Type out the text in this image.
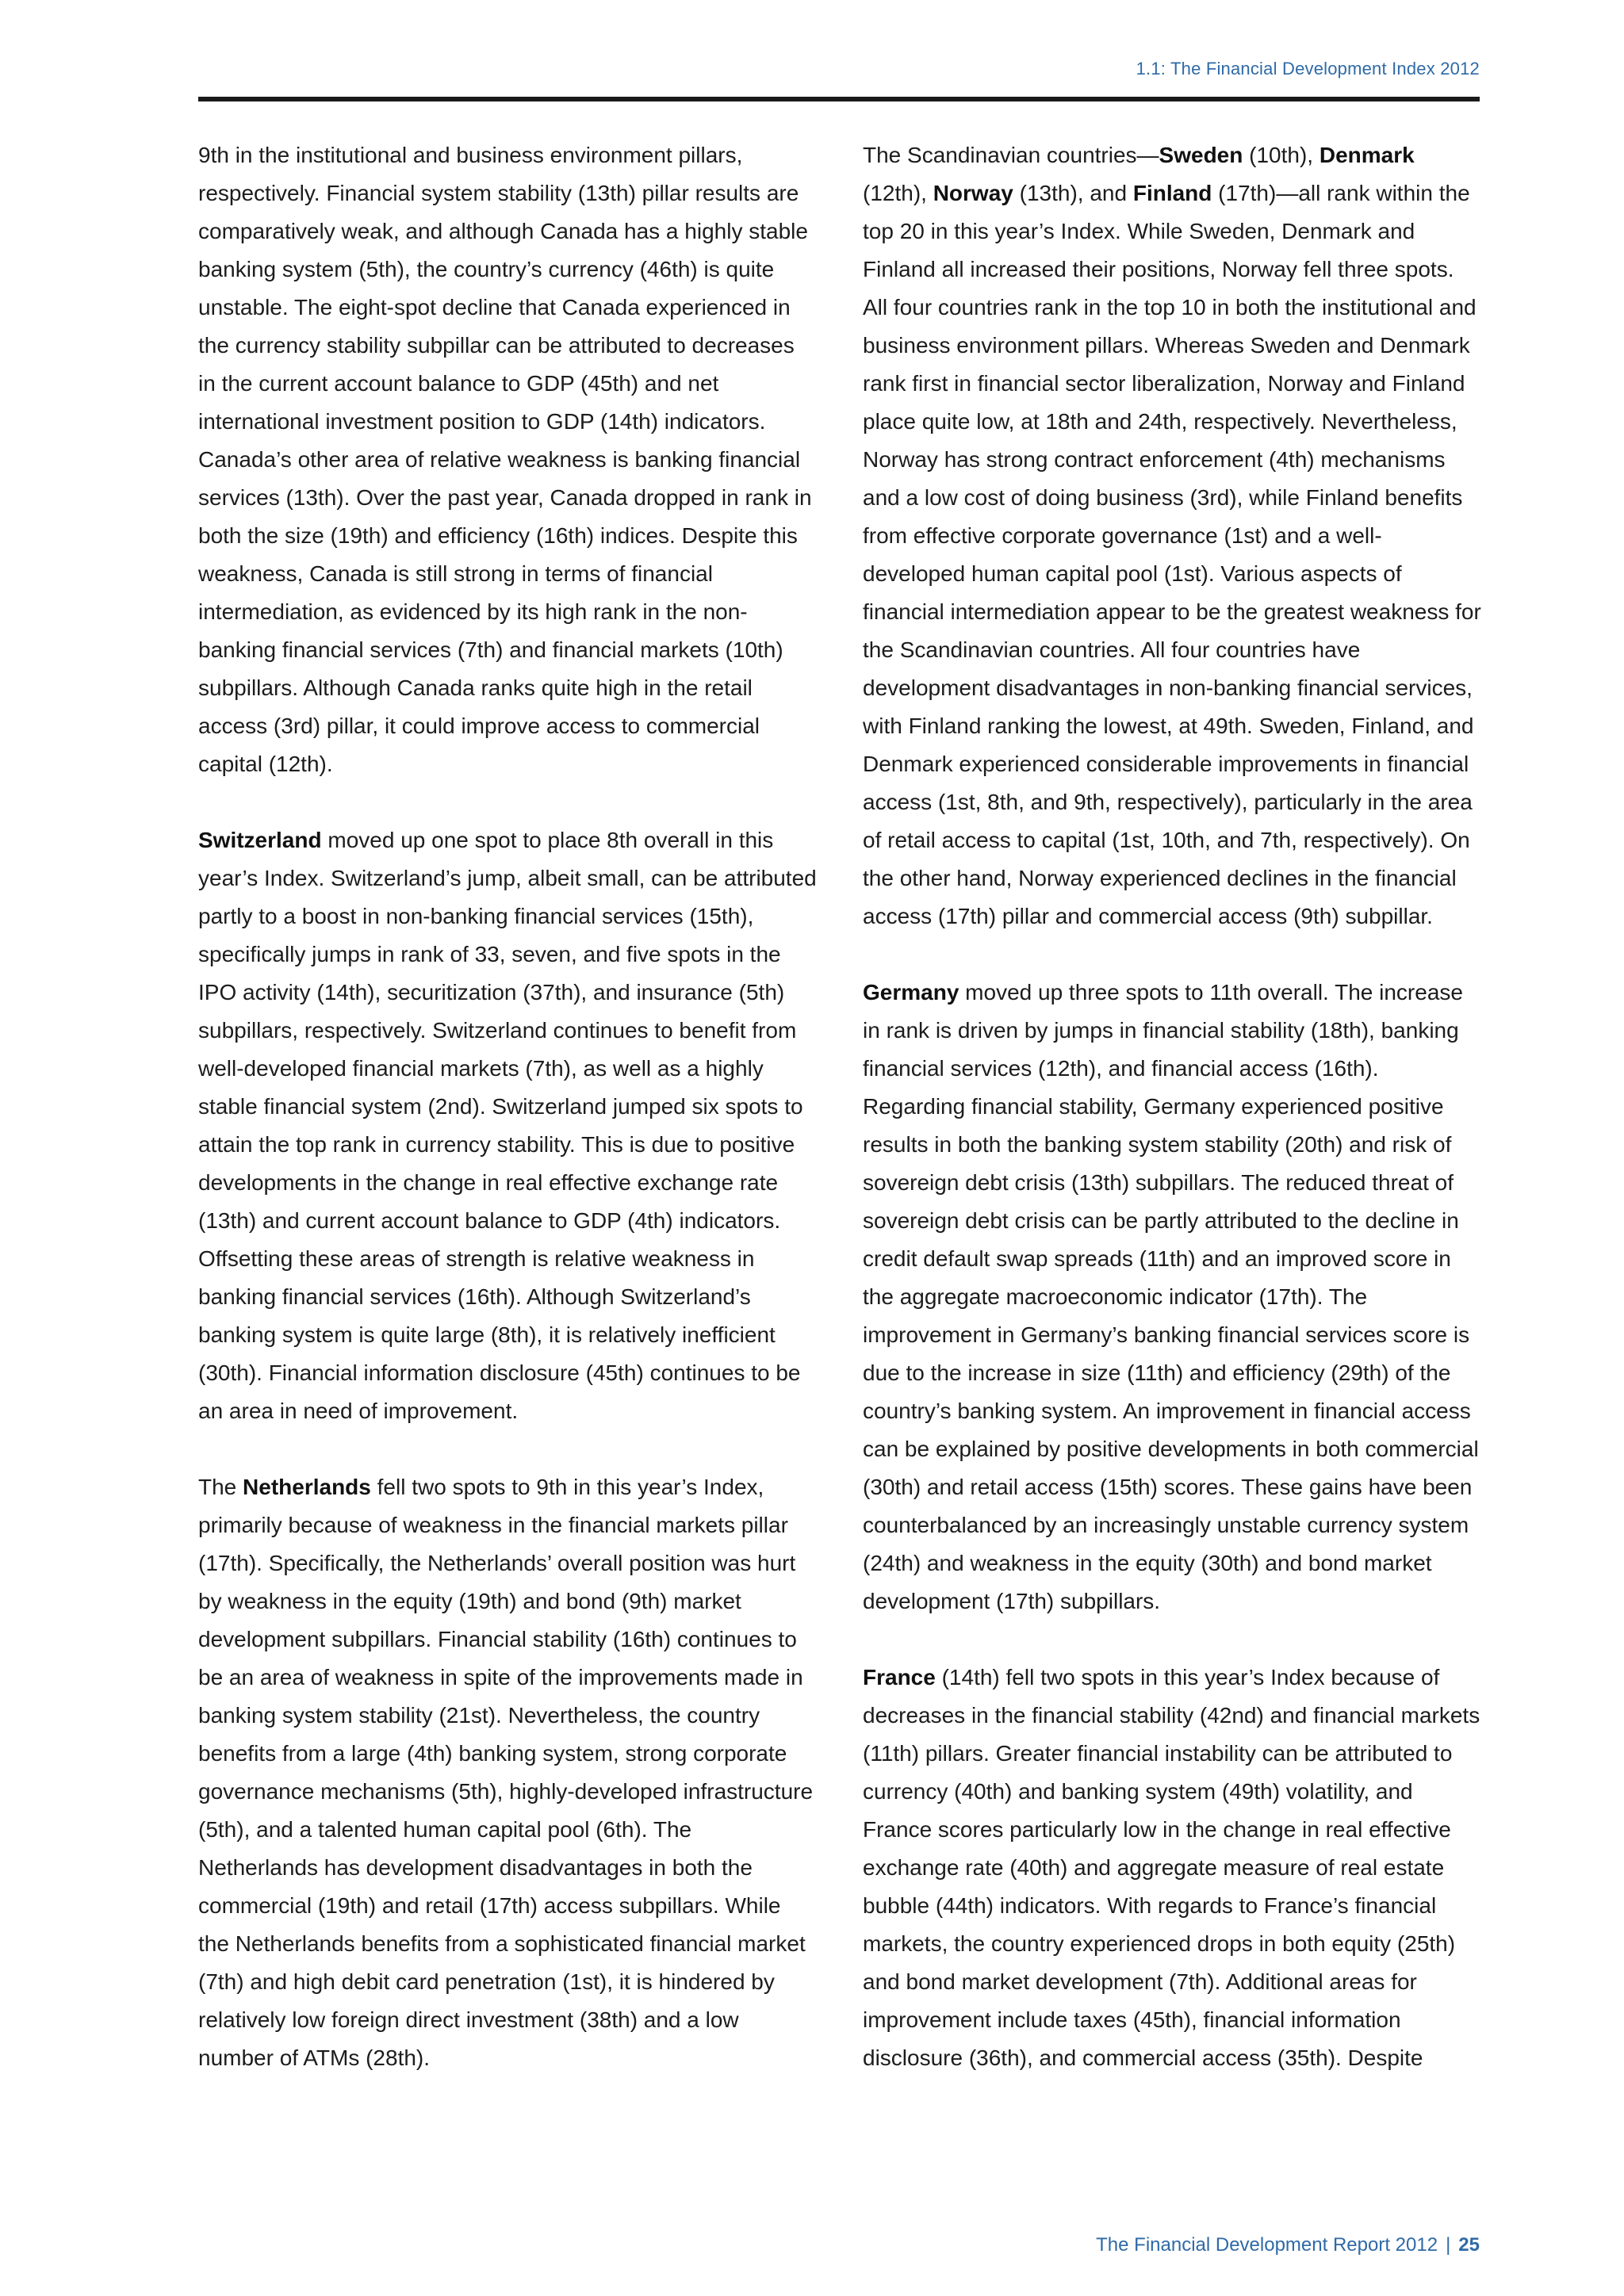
1.1: The Financial Development Index 2012

9th in the institutional and business environment pillars, respectively. Financial system stability (13th) pillar results are comparatively weak, and although Canada has a highly stable banking system (5th), the country’s currency (46th) is quite unstable. The eight-spot decline that Canada experienced in the currency stability subpillar can be attributed to decreases in the current account balance to GDP (45th) and net international investment position to GDP (14th) indicators. Canada’s other area of relative weakness is banking financial services (13th). Over the past year, Canada dropped in rank in both the size (19th) and efficiency (16th) indices. Despite this weakness, Canada is still strong in terms of financial intermediation, as evidenced by its high rank in the non-banking financial services (7th) and financial markets (10th) subpillars. Although Canada ranks quite high in the retail access (3rd) pillar, it could improve access to commercial capital (12th).

Switzerland moved up one spot to place 8th overall in this year’s Index. Switzerland’s jump, albeit small, can be attributed partly to a boost in non-banking financial services (15th), specifically jumps in rank of 33, seven, and five spots in the IPO activity (14th), securitization (37th), and insurance (5th) subpillars, respectively. Switzerland continues to benefit from well-developed financial markets (7th), as well as a highly stable financial system (2nd). Switzerland jumped six spots to attain the top rank in currency stability. This is due to positive developments in the change in real effective exchange rate (13th) and current account balance to GDP (4th) indicators. Offsetting these areas of strength is relative weakness in banking financial services (16th). Although Switzerland’s banking system is quite large (8th), it is relatively inefficient (30th). Financial information disclosure (45th) continues to be an area in need of improvement.

The Netherlands fell two spots to 9th in this year’s Index, primarily because of weakness in the financial markets pillar (17th). Specifically, the Netherlands’ overall position was hurt by weakness in the equity (19th) and bond (9th) market development subpillars. Financial stability (16th) continues to be an area of weakness in spite of the improvements made in banking system stability (21st). Nevertheless, the country benefits from a large (4th) banking system, strong corporate governance mechanisms (5th), highly-developed infrastructure (5th), and a talented human capital pool (6th). The Netherlands has development disadvantages in both the commercial (19th) and retail (17th) access subpillars. While the Netherlands benefits from a sophisticated financial market (7th) and high debit card penetration (1st), it is hindered by relatively low foreign direct investment (38th) and a low number of ATMs (28th).

The Scandinavian countries—Sweden (10th), Denmark (12th), Norway (13th), and Finland (17th)—all rank within the top 20 in this year’s Index. While Sweden, Denmark and Finland all increased their positions, Norway fell three spots. All four countries rank in the top 10 in both the institutional and business environment pillars. Whereas Sweden and Denmark rank first in financial sector liberalization, Norway and Finland place quite low, at 18th and 24th, respectively. Nevertheless, Norway has strong contract enforcement (4th) mechanisms and a low cost of doing business (3rd), while Finland benefits from effective corporate governance (1st) and a well-developed human capital pool (1st). Various aspects of financial intermediation appear to be the greatest weakness for the Scandinavian countries. All four countries have development disadvantages in non-banking financial services, with Finland ranking the lowest, at 49th. Sweden, Finland, and Denmark experienced considerable improvements in financial access (1st, 8th, and 9th, respectively), particularly in the area of retail access to capital (1st, 10th, and 7th, respectively). On the other hand, Norway experienced declines in the financial access (17th) pillar and commercial access (9th) subpillar.

Germany moved up three spots to 11th overall. The increase in rank is driven by jumps in financial stability (18th), banking financial services (12th), and financial access (16th). Regarding financial stability, Germany experienced positive results in both the banking system stability (20th) and risk of sovereign debt crisis (13th) subpillars. The reduced threat of sovereign debt crisis can be partly attributed to the decline in credit default swap spreads (11th) and an improved score in the aggregate macroeconomic indicator (17th). The improvement in Germany’s banking financial services score is due to the increase in size (11th) and efficiency (29th) of the country’s banking system. An improvement in financial access can be explained by positive developments in both commercial (30th) and retail access (15th) scores. These gains have been counterbalanced by an increasingly unstable currency system (24th) and weakness in the equity (30th) and bond market development (17th) subpillars.

France (14th) fell two spots in this year’s Index because of decreases in the financial stability (42nd) and financial markets (11th) pillars. Greater financial instability can be attributed to currency (40th) and banking system (49th) volatility, and France scores particularly low in the change in real effective exchange rate (40th) and aggregate measure of real estate bubble (44th) indicators. With regards to France’s financial markets, the country experienced drops in both equity (25th) and bond market development (7th). Additional areas for improvement include taxes (45th), financial information disclosure (36th), and commercial access (35th). Despite

The Financial Development Report 2012 | 25
